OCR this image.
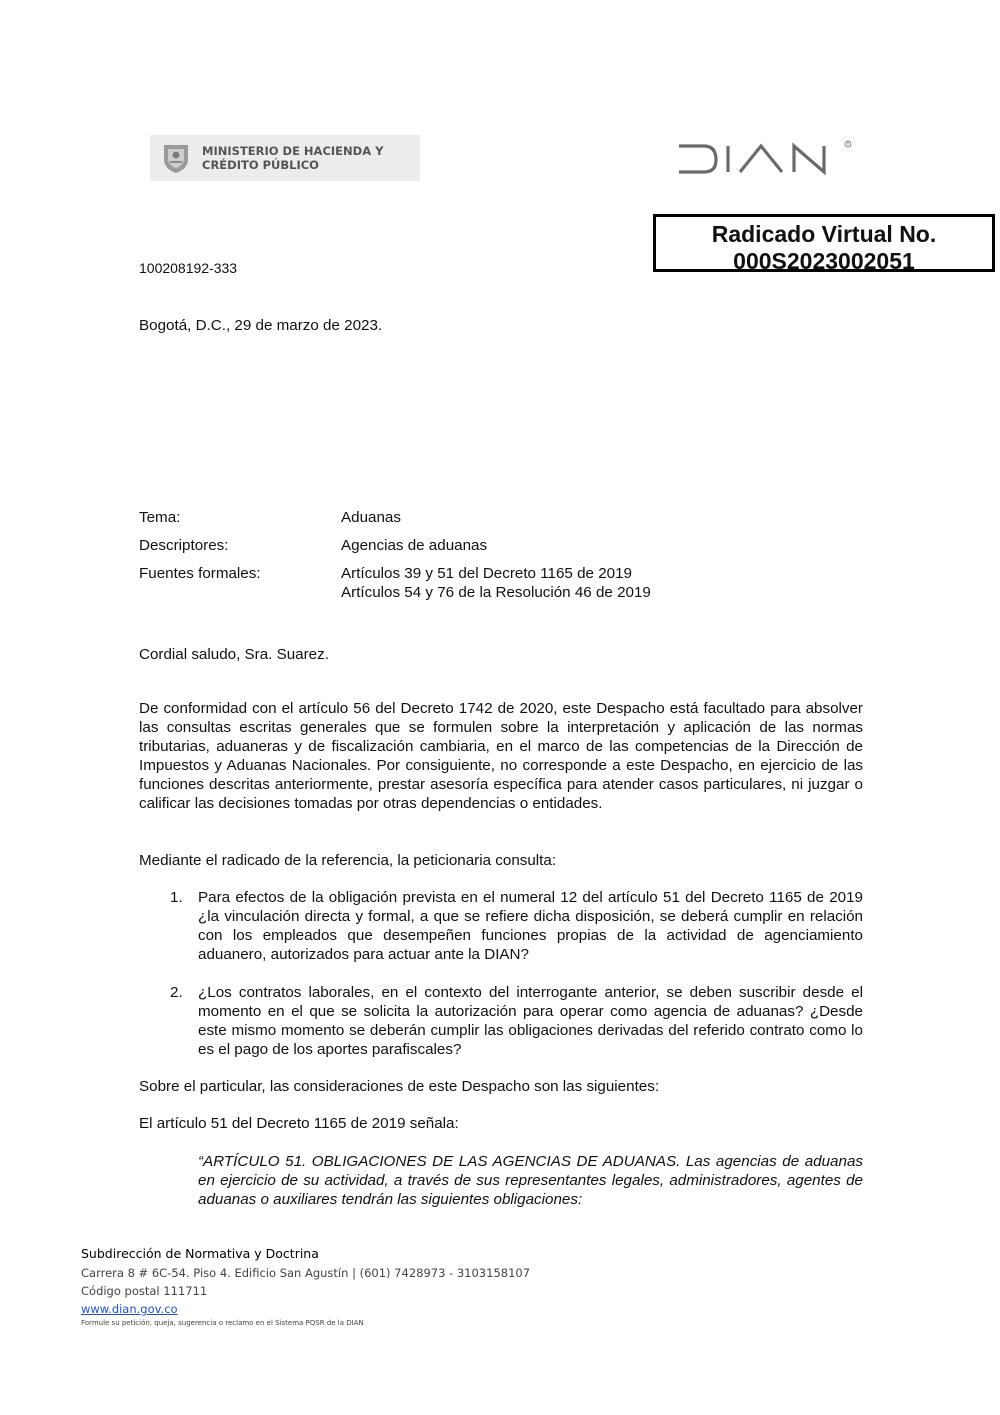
MINISTERIO DE HACIENDA Y
CRÉDITO PÚBLICO
R
Radicado Virtual No.
000S2023002051
100208192-333
Bogotá, D.C., 29 de marzo de 2023.
Tema:	Aduanas
Descriptores:	Agencias de aduanas
Fuentes formales:	Artículos 39 y 51 del Decreto 1165 de 2019
Artículos 54 y 76 de la Resolución 46 de 2019
Cordial saludo, Sra. Suarez.
De conformidad con el artículo 56 del Decreto 1742 de 2020, este Despacho está facultado para absolver las consultas escritas generales que se formulen sobre la interpretación y aplicación de las normas tributarias, aduaneras y de fiscalización cambiaria, en el marco de las competencias de la Dirección de Impuestos y Aduanas Nacionales. Por consiguiente, no corresponde a este Despacho, en ejercicio de las funciones descritas anteriormente, prestar asesoría específica para atender casos particulares, ni juzgar o calificar las decisiones tomadas por otras dependencias o entidades.
Mediante el radicado de la referencia, la peticionaria consulta:
1. Para efectos de la obligación prevista en el numeral 12 del artículo 51 del Decreto 1165 de 2019 ¿la vinculación directa y formal, a que se refiere dicha disposición, se deberá cumplir en relación con los empleados que desempeñen funciones propias de la actividad de agenciamiento aduanero, autorizados para actuar ante la DIAN?
2. ¿Los contratos laborales, en el contexto del interrogante anterior, se deben suscribir desde el momento en el que se solicita la autorización para operar como agencia de aduanas? ¿Desde este mismo momento se deberán cumplir las obligaciones derivadas del referido contrato como lo es el pago de los aportes parafiscales?
Sobre el particular, las consideraciones de este Despacho son las siguientes:
El artículo 51 del Decreto 1165 de 2019 señala:
“ARTÍCULO 51. OBLIGACIONES DE LAS AGENCIAS DE ADUANAS. Las agencias de aduanas en ejercicio de su actividad, a través de sus representantes legales, administradores, agentes de aduanas o auxiliares tendrán las siguientes obligaciones:
Subdirección de Normativa y Doctrina
Carrera 8 # 6C-54. Piso 4. Edificio San Agustín | (601) 7428973 - 3103158107
Código postal 111711
www.dian.gov.co
Formule su petición, queja, sugerencia o reclamo en el Sistema PQSR de la DIAN
